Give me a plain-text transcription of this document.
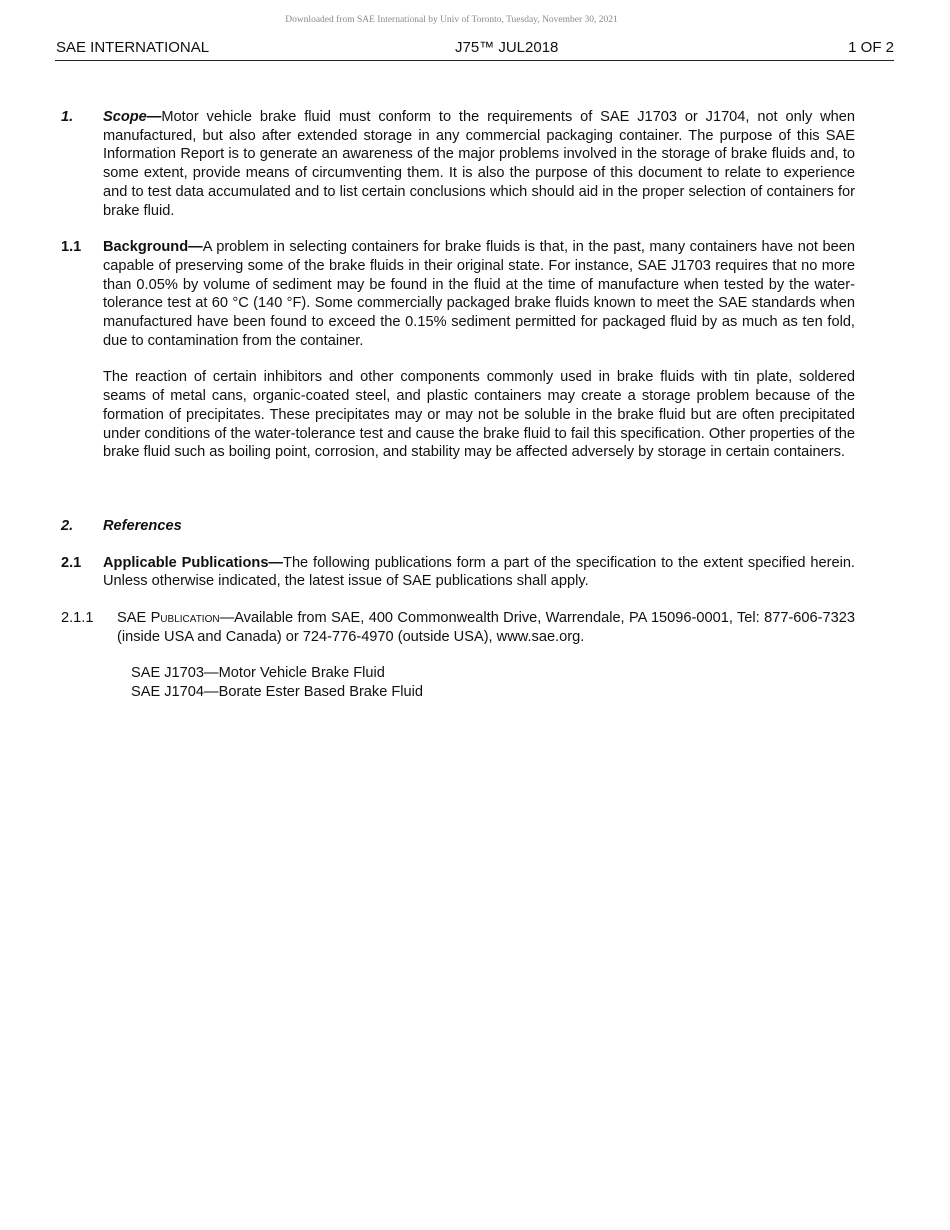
Downloaded from SAE International by Univ of Toronto, Tuesday, November 30, 2021
SAE INTERNATIONAL	J75™ JUL2018	1 OF 2
1.	Scope—Motor vehicle brake fluid must conform to the requirements of SAE J1703 or J1704, not only when manufactured, but also after extended storage in any commercial packaging container. The purpose of this SAE Information Report is to generate an awareness of the major problems involved in the storage of brake fluids and, to some extent, provide means of circumventing them. It is also the purpose of this document to relate to experience and to test data accumulated and to list certain conclusions which should aid in the proper selection of containers for brake fluid.
1.1	Background—A problem in selecting containers for brake fluids is that, in the past, many containers have not been capable of preserving some of the brake fluids in their original state. For instance, SAE J1703 requires that no more than 0.05% by volume of sediment may be found in the fluid at the time of manufacture when tested by the water-tolerance test at 60 °C (140 °F). Some commercially packaged brake fluids known to meet the SAE standards when manufactured have been found to exceed the 0.15% sediment permitted for packaged fluid by as much as ten fold, due to contamination from the container.
The reaction of certain inhibitors and other components commonly used in brake fluids with tin plate, soldered seams of metal cans, organic-coated steel, and plastic containers may create a storage problem because of the formation of precipitates. These precipitates may or may not be soluble in the brake fluid but are often precipitated under conditions of the water-tolerance test and cause the brake fluid to fail this specification. Other properties of the brake fluid such as boiling point, corrosion, and stability may be affected adversely by storage in certain containers.
2.	References
2.1	Applicable Publications—The following publications form a part of the specification to the extent specified herein. Unless otherwise indicated, the latest issue of SAE publications shall apply.
2.1.1	SAE Publication—Available from SAE, 400 Commonwealth Drive, Warrendale, PA 15096-0001, Tel: 877-606-7323 (inside USA and Canada) or 724-776-4970 (outside USA), www.sae.org.
SAE J1703—Motor Vehicle Brake Fluid
SAE J1704—Borate Ester Based Brake Fluid
